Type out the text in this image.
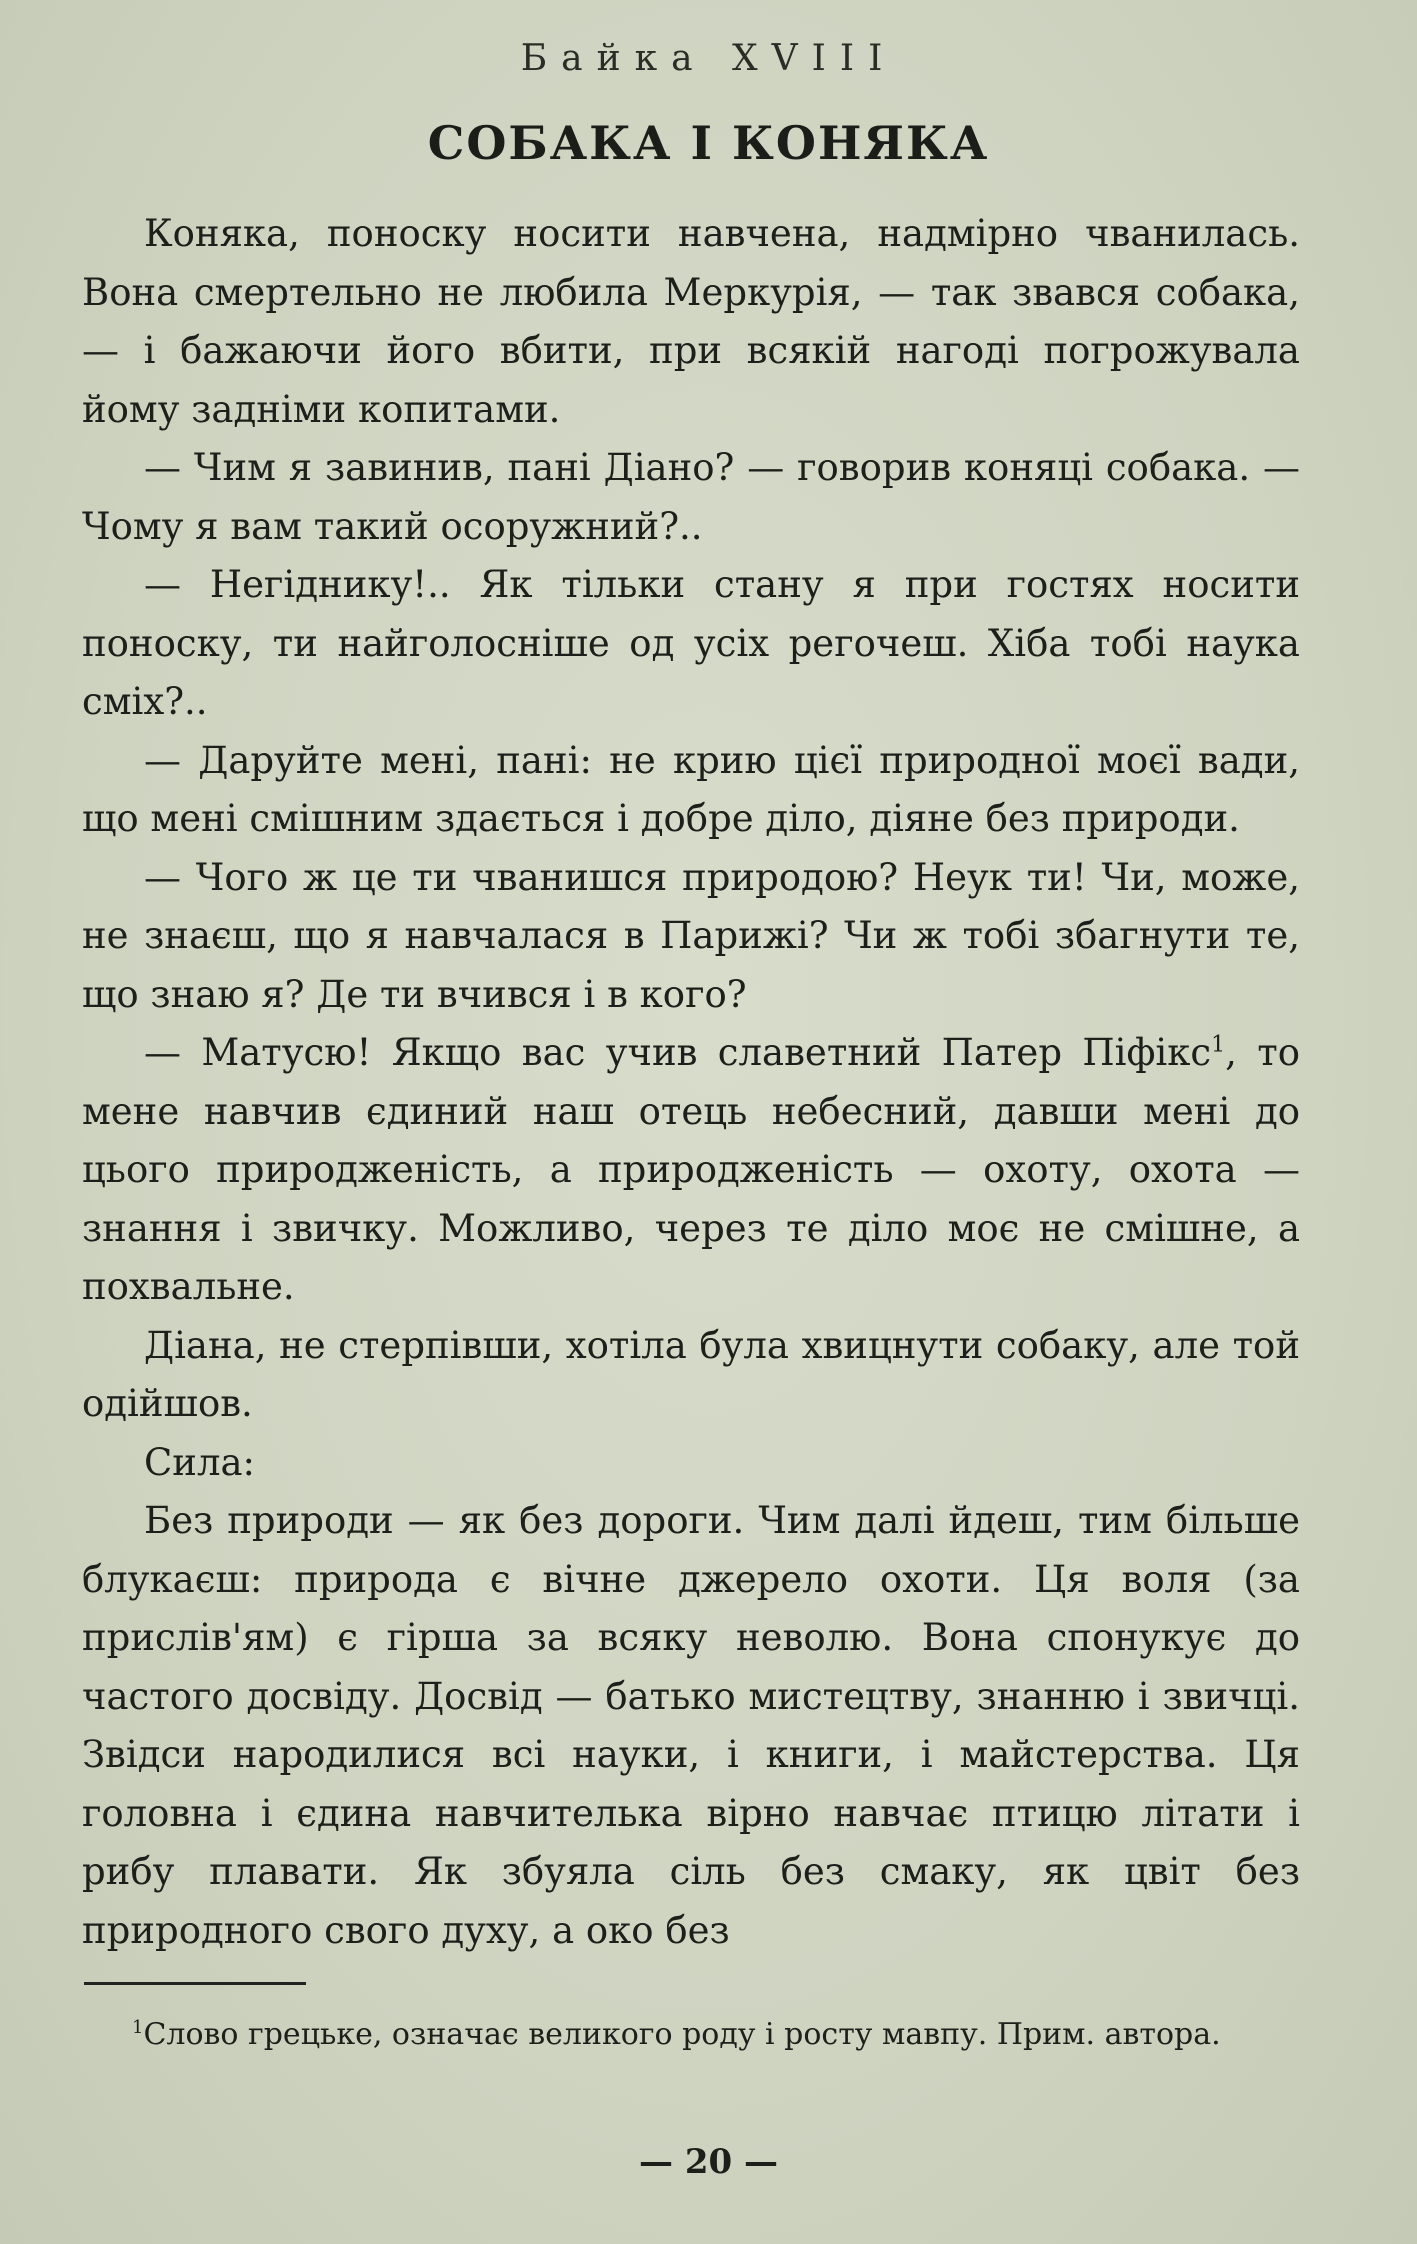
Байка XVIII
СОБАКА І КОНЯКА

Коняка, поноску носити навчена, надмірно чванилась. Вона смертельно не любила Меркурія, — так звався собака, — і бажаючи його вбити, при всякій нагоді погрожувала йому задніми копитами.

— Чим я завинив, пані Діано? — говорив коняці собака. — Чому я вам такий осоружний?..

— Негіднику!.. Як тільки стану я при гостях носити поноску, ти найголосніше од усіх регочеш. Хіба тобі наука сміх?..

— Даруйте мені, пані: не крию цієї природної моєї вади, що мені смішним здається і добре діло, діяне без природи.

— Чого ж це ти чванишся природою? Неук ти! Чи, може, не знаєш, що я навчалася в Парижі? Чи ж тобі збагнути те, що знаю я? Де ти вчився і в кого?

— Матусю! Якщо вас учив славетний Патер Піфікс$^1$, то мене навчив єдиний наш отець небесний, давши мені до цього природженість, а природженість — охоту, охота — знання і звичку. Можливо, через те діло моє не смішне, а похвальне.

Діана, не стерпівши, хотіла була хвицнути собаку, але той одійшов.

Сила:

Без природи — як без дороги. Чим далі йдеш, тим більше блукаєш: природа є вічне джерело охоти. Ця воля (за прислів'ям) є гірша за всяку неволю. Вона спонукує до частого досвіду. Досвід — батько мистецтву, знанню і звичці. Звідси народилися всі науки, і книги, і майстерства. Ця головна і єдина навчителька вірно навчає птицю літати і рибу плавати. Як збуяла сіль без смаку, як цвіт без природного свого духу, а око без

$^1$Слово грецьке, означає великого роду і росту мавпу. Прим. автора.
— 20 —
